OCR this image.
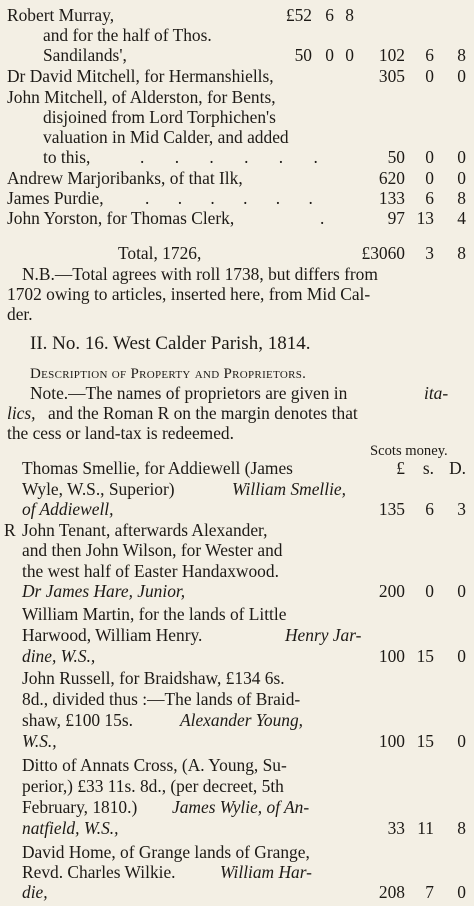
Robert Murray,	£52 6 8
and for the half of Thos.
Sandilands',	50 0 0	102	6	8
Dr David Mitchell, for Hermanshiells,	305	0	0
John Mitchell, of Alderston, for Bents,
disjoined from Lord Torphichen's
valuation in Mid Calder, and added
to this,	. . . . . .	50	0	0
Andrew Marjoribanks, of that Ilk,	620	0	0
James Purdie, . . . . . .	133	6	8
John Yorston, for Thomas Clerk,	.	97 13	4
Total, 1726,	£3060	3	8
N.B.—Total agrees with roll 1738, but differs from
1702 owing to articles, inserted here, from Mid Cal-
der.
II. No. 16. West Calder Parish, 1814.
Description of Property and Proprietors.
Note.—The names of proprietors are given in	ita-
lics, and the Roman R on the margin denotes that
the cess or land-tax is redeemed.
Scots money.
Thomas Smellie, for Addiewell (James	£	s. D.
Wyle, W.S., Superior)	William Smellie,
of Addiewell,	135	6	3
R John Tenant, afterwards Alexander,
and then John Wilson, for Wester and
the west half of Easter Handaxwood.
Dr James Hare, Junior,	200	0	0
William Martin, for the lands of Little
Harwood, William Henry.	Henry Jar-
dine, W.S.,	100 15	0
John Russell, for Braidshaw, £134 6s.
8d., divided thus :—The lands of Braid-
shaw, £100 15s.	Alexander Young,
W.S.,	100 15	0
Ditto of Annats Cross, (A. Young, Su-
perior,) £33 11s. 8d., (per decreet, 5th
February, 1810.) James Wylie, of An-
natfield, W.S.,	33 11	8
David Home, of Grange lands of Grange,
Revd. Charles Wilkie.	William Har-
die,	208	7	0
